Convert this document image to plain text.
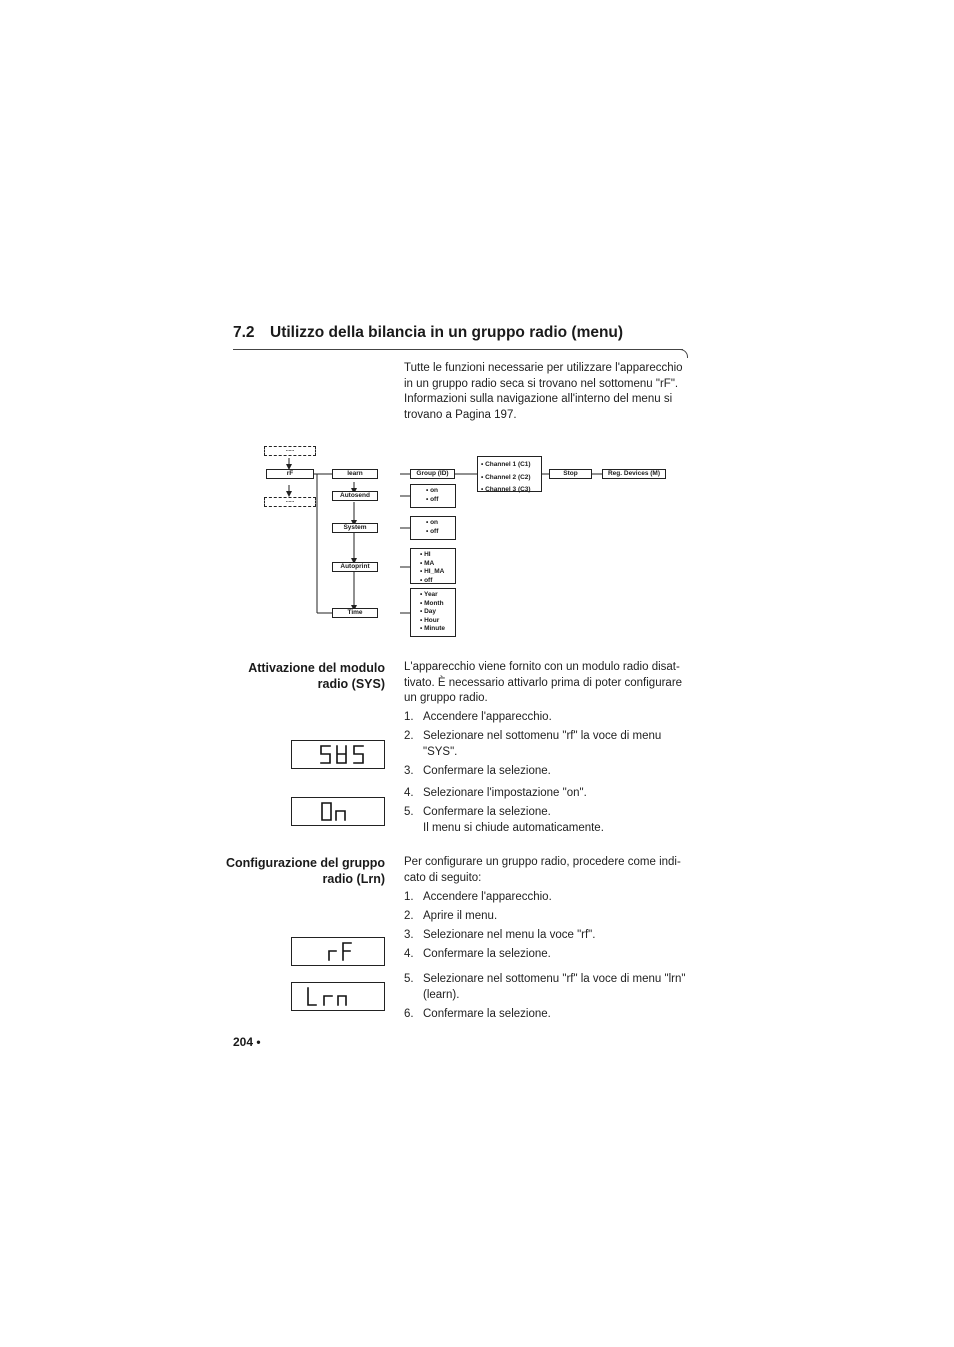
7.2 Utilizzo della bilancia in un gruppo radio (menu)
Tutte le funzioni necessarie per utilizzare l'apparecchio in un gruppo radio seca si trovano nel sottomenu "rF". Informazioni sulla navigazione all'interno del menu si trovano a Pagina 197.
......
rF
......
learn
Autosend
System
Autoprint
Time
Group (ID)
• Channel 1 (C1)
• Channel 2 (C2)
• Channel 3 (C3)
Stop	Reg. Devices (M)
• on
• off
• on
• off
• HI
• MA
• HI_MA
• off
• Year
• Month
• Day
• Hour
• Minute
Attivazione del modulo radio (SYS)
L'apparecchio viene fornito con un modulo radio disat-tivato. È necessario attivarlo prima di poter configurare un gruppo radio.
1. Accendere l'apparecchio.
2. Selezionare nel sottomenu "rf" la voce di menu "SYS".
3. Confermare la selezione.
4. Selezionare l'impostazione "on".
5. Confermare la selezione.
Il menu si chiude automaticamente.
Configurazione del gruppo radio (Lrn)
Per configurare un gruppo radio, procedere come indi-cato di seguito:
1. Accendere l'apparecchio.
2. Aprire il menu.
3. Selezionare nel menu la voce "rf".
4. Confermare la selezione.
5. Selezionare nel sottomenu "rf" la voce di menu "lrn" (learn).
6. Confermare la selezione.
204 •
